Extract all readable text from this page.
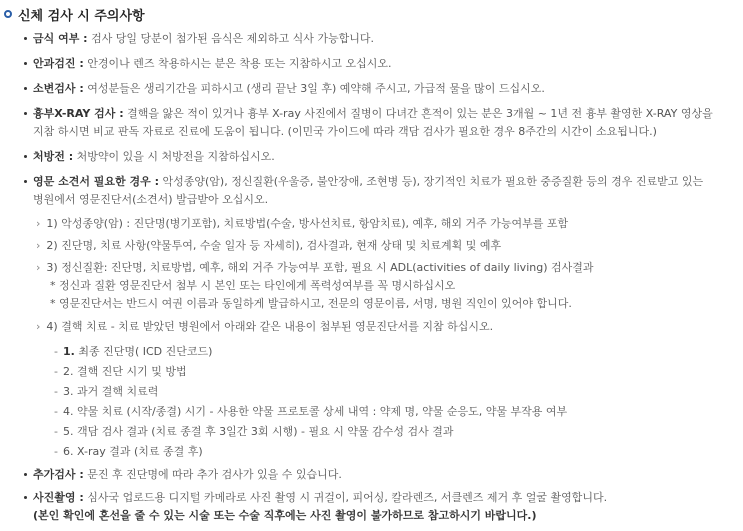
신체 검사 시 주의사항
금식 여부 : 검사 당일 당분이 첨가된 음식은 제외하고 식사 가능합니다.
안과검진 : 안경이나 렌즈 착용하시는 분은 착용 또는 지참하시고 오십시오.
소변검사 : 여성분들은 생리기간을 피하시고 (생리 끝난 3일 후) 예약해 주시고, 가급적 물을 많이 드십시오.
흉부X-RAY 검사 : 결핵을 앓은 적이 있거나 흉부 X-ray 사진에서 질병이 다녀간 흔적이 있는 분은 3개월 ~ 1년 전 흉부 촬영한 X-RAY 영상을
지참 하시면 비교 판독 자료로 진료에 도움이 됩니다. (이민국 가이드에 따라 객담 검사가 필요한 경우 8주간의 시간이 소요됩니다.)
처방전 : 처방약이 있을 시 처방전을 지참하십시오.
영문 소견서 필요한 경우 : 악성종양(암), 정신질환(우울증, 불안장애, 조현병 등), 장기적인 치료가 필요한 중증질환 등의 경우 진료받고 있는
병원에서 영문진단서(소견서) 발급받아 오십시오.
› 1) 악성종양(암) : 진단명(병기포함), 치료방법(수술, 방사선치료, 항암치료), 예후, 해외 거주 가능여부를 포함
› 2) 진단명, 치료 사항(약물투여, 수술 일자 등 자세히), 검사결과, 현재 상태 및 치료계획 및 예후
› 3) 정신질환: 진단명, 치료방법, 예후, 해외 거주 가능여부 포함, 필요 시 ADL(activities of daily living) 검사결과
* 정신과 질환 영문진단서 첨부 시 본인 또는 타인에게 폭력성여부를 꼭 명시하십시오
* 영문진단서는 반드시 여권 이름과 동일하게 발급하시고, 전문의 영문이름, 서명, 병원 직인이 있어야 합니다.
› 4) 결핵 치료 - 치료 받았던 병원에서 아래와 같은 내용이 첨부된 영문진단서를 지참 하십시오.
- 1. 최종 진단명( ICD 진단코드)
- 2. 결핵 진단 시기 및 방법
- 3. 과거 결핵 치료력
- 4. 약물 치료 (시작/종결) 시기 - 사용한 약물 프로토콜 상세 내역 : 약제 명, 약물 순응도, 약물 부작용 여부
- 5. 객담 검사 결과 (치료 종결 후 3일간 3회 시행) - 필요 시 약물 감수성 검사 결과
- 6. X-ray 결과 (치료 종결 후)
추가검사 : 문진 후 진단명에 따라 추가 검사가 있을 수 있습니다.
사진촬영 : 심사국 업로드용 디지털 카메라로 사진 촬영 시 귀걸이, 피어싱, 칼라렌즈, 서클렌즈 제거 후 얼굴 촬영합니다.
(본인 확인에 혼선을 줄 수 있는 시술 또는 수술 직후에는 사진 촬영이 불가하므로 참고하시기 바랍니다.)
